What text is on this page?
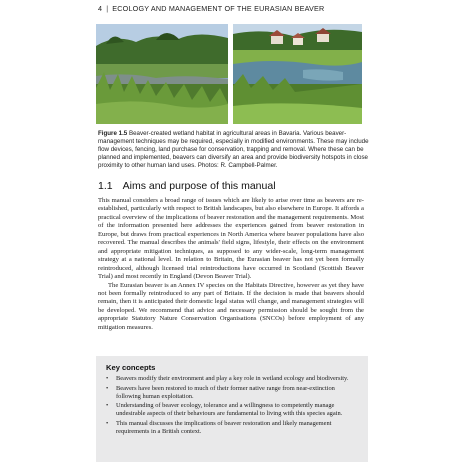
4 | ECOLOGY AND MANAGEMENT OF THE EURASIAN BEAVER
Figure 1.5 Beaver-created wetland habitat in agricultural areas in Bavaria. Various beaver-management techniques may be required, especially in modified environments. These may include flow devices, fencing, land purchase for conservation, trapping and removal. Where these can be planned and implemented, beavers can diversify an area and provide biodiversity hotspots in close proximity to other human land uses. Photos: R. Campbell-Palmer.
1.1 Aims and purpose of this manual

This manual considers a broad range of issues which are likely to arise over time as beavers are re-established, particularly with respect to British landscapes, but also elsewhere in Europe. It affords a practical overview of the implications of beaver restoration and the management requirements. Most of the information presented here addresses the experiences gained from beaver restoration in Europe, but draws from practical experiences in North America where beaver populations have also recovered. The manual describes the animals' field signs, lifestyle, their effects on the environment and appropriate mitigation techniques, as supposed to any wider-scale, long-term management strategy at a national level. In relation to Britain, the Eurasian beaver has not yet been formally reintroduced, although licensed trial reintroductions have occurred in Scotland (Scottish Beaver Trial) and most recently in England (Devon Beaver Trial).

The Eurasian beaver is an Annex IV species on the Habitats Directive, however as yet they have not been formally reintroduced to any part of Britain. If the decision is made that beavers should remain, then it is anticipated their domestic legal status will change, and management strategies will be developed. We recommend that advice and necessary permission should be sought from the appropriate Statutory Nature Conservation Organisations (SNCOs) before employment of any mitigation measures.

Key concepts
• Beavers modify their environment and play a key role in wetland ecology and biodiversity.
• Beavers have been restored to much of their former native range from near-extinction following human exploitation.
• Understanding of beaver ecology, tolerance and a willingness to competently manage undesirable aspects of their behaviours are fundamental to living with this species again.
• This manual discusses the implications of beaver restoration and likely management requirements in a British context.
